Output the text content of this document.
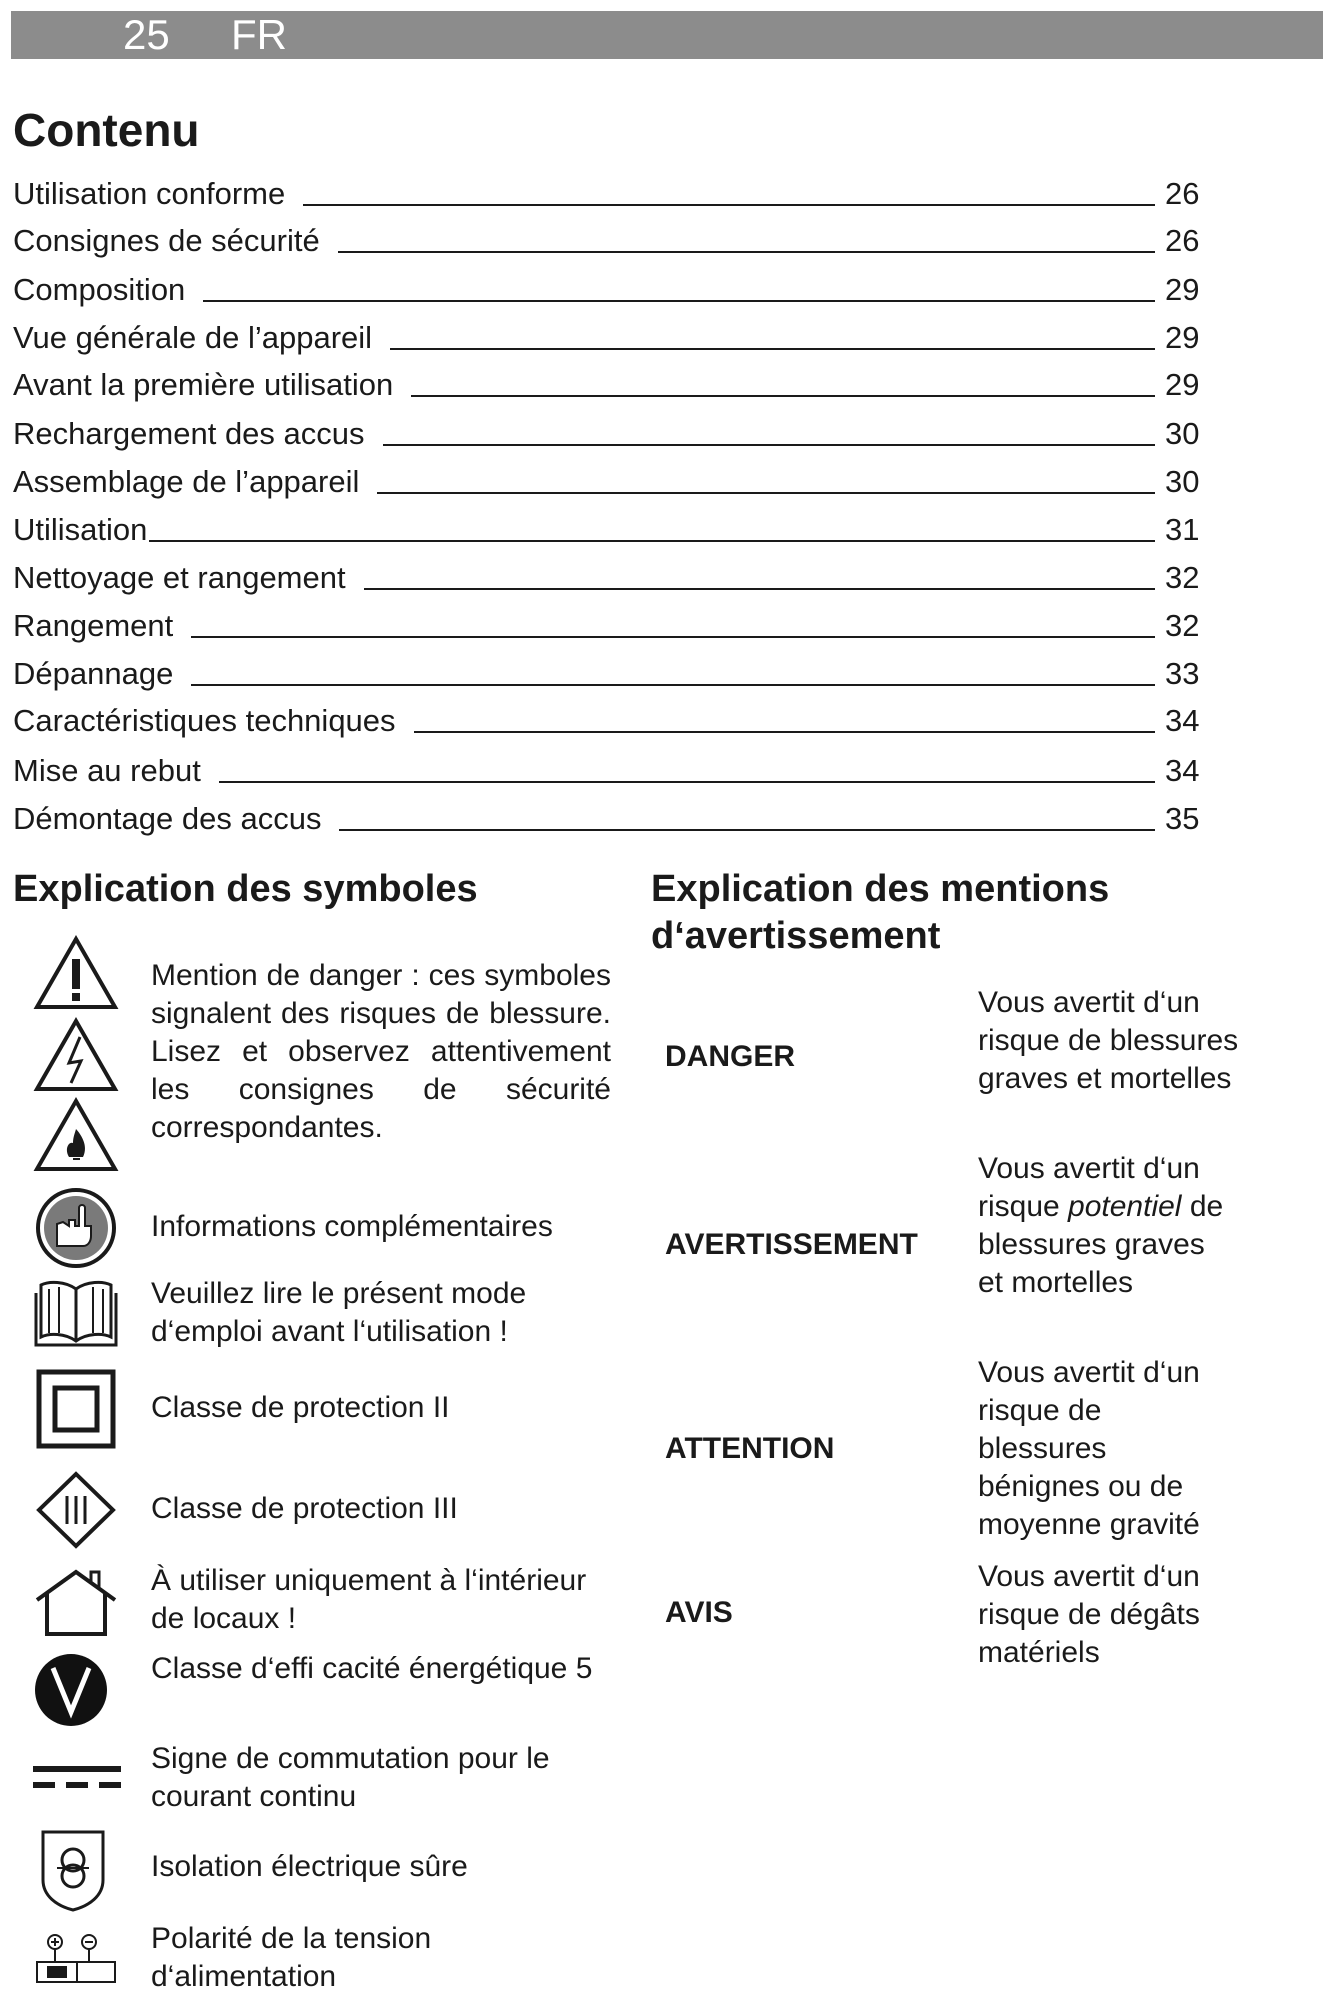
25 FR
Contenu
Utilisation conforme	26
Consignes de sécurité	26
Composition	29
Vue générale de l’appareil	29
Avant la première utilisation	29
Rechargement des accus	30
Assemblage de l’appareil	30
Utilisation	31
Nettoyage et rangement	32
Rangement	32
Dépannage	33
Caractéristiques techniques	34
Mise au rebut	34
Démontage des accus	35
Explication des symboles
Mention de danger : ces symboles signalent des risques de blessure. Lisez et observez attentivement les consignes de sécurité correspondantes.
Informations complémentaires
Veuillez lire le présent mode d‘emploi avant l‘utilisation !
Classe de protection II
Classe de protection III
À utiliser uniquement à l‘intérieur de locaux !
Classe d‘effi cacité énergétique 5
Signe de commutation pour le courant continu
Isolation électrique sûre
Polarité de la tension d‘alimentation
Explication des mentions
d‘avertissement
DANGER
Vous avertit d‘un risque de blessures graves et mortelles
AVERTISSEMENT
Vous avertit d‘un risque potentiel de blessures graves et mortelles
ATTENTION
Vous avertit d‘un risque de blessures bénignes ou de moyenne gravité
AVIS
Vous avertit d‘un risque de dégâts matériels
